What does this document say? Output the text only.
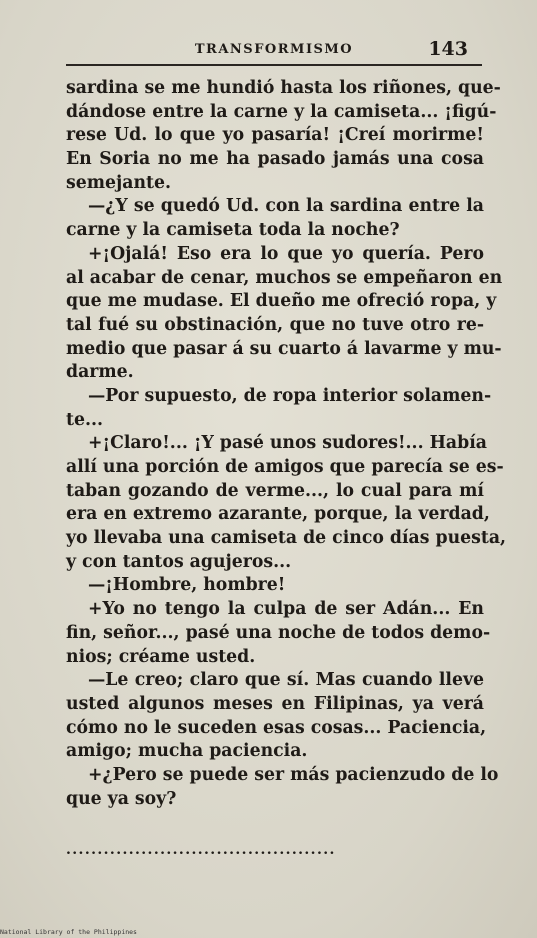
TRANSFORMISMO	143
sardina se me hundió hasta los riñones, que-
dándose entre la carne y la camiseta... ¡figú-
rese Ud. lo que yo pasaría! ¡Creí morirme!
En Soria no me ha pasado jamás una cosa
semejante.
—¿Y se quedó Ud. con la sardina entre la
carne y la camiseta toda la noche?
+¡Ojalá! Eso era lo que yo quería. Pero
al acabar de cenar, muchos se empeñaron en
que me mudase. El dueño me ofreció ropa, y
tal fué su obstinación, que no tuve otro re-
medio que pasar á su cuarto á lavarme y mu-
darme.
—Por supuesto, de ropa interior solamen-
te...
+¡Claro!... ¡Y pasé unos sudores!... Había
allí una porción de amigos que parecía se es-
taban gozando de verme..., lo cual para mí
era en extremo azarante, porque, la verdad,
yo llevaba una camiseta de cinco días puesta,
y con tantos agujeros...
—¡Hombre, hombre!
+Yo no tengo la culpa de ser Adán... En
fin, señor..., pasé una noche de todos demo-
nios; créame usted.
—Le creo; claro que sí. Mas cuando lleve
usted algunos meses en Filipinas, ya verá
cómo no le suceden esas cosas... Paciencia,
amigo; mucha paciencia.
+¿Pero se puede ser más pacienzudo de lo
que ya soy?
...........................................
National Library of the Philippines
